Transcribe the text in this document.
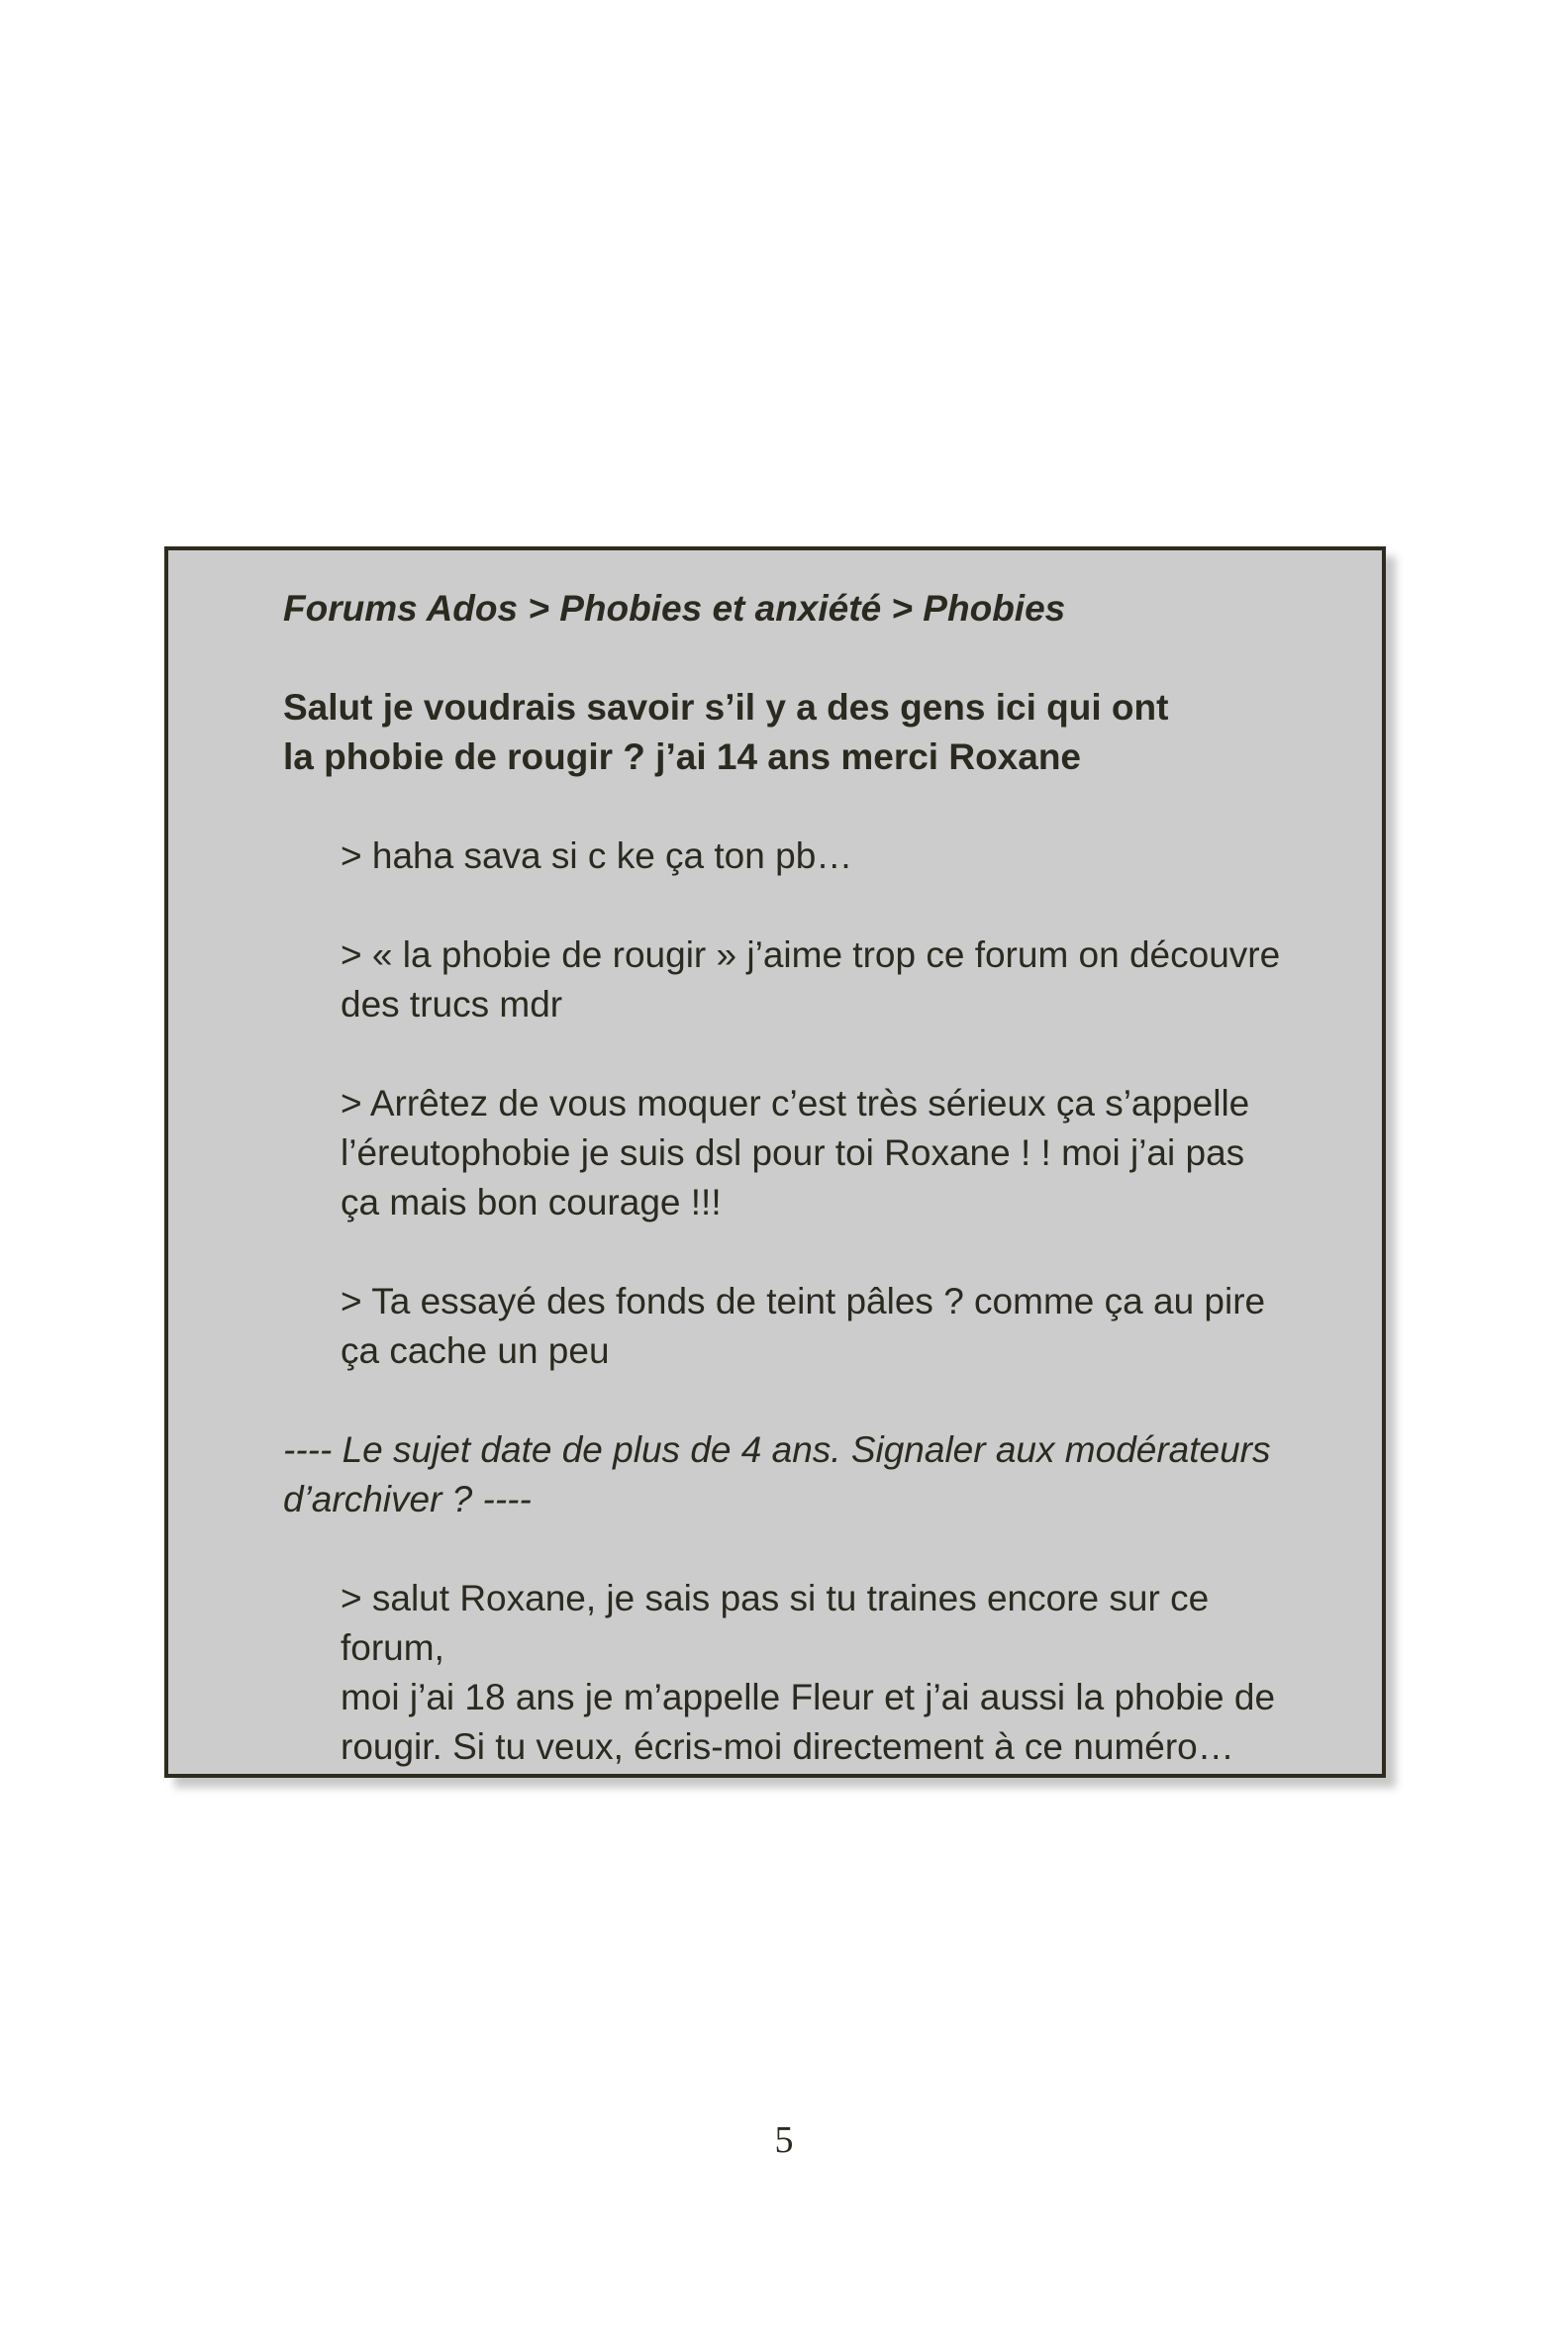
Forums Ados > Phobies et anxiété > Phobies
Salut je voudrais savoir s’il y a des gens ici qui ont
la phobie de rougir ? j’ai 14 ans merci Roxane
> haha sava si c ke ça ton pb…
> « la phobie de rougir » j’aime trop ce forum on découvre
des trucs mdr
> Arrêtez de vous moquer c’est très sérieux ça s’appelle
l’éreutophobie je suis dsl pour toi Roxane ! ! moi j’ai pas
ça mais bon courage !!!
> Ta essayé des fonds de teint pâles ? comme ça au pire
ça cache un peu
---- Le sujet date de plus de 4 ans. Signaler aux modérateurs
d’archiver ? ----
> salut Roxane, je sais pas si tu traines encore sur ce forum,
moi j’ai 18 ans je m’appelle Fleur et j’ai aussi la phobie de
rougir. Si tu veux, écris-moi directement à ce numéro…
5
